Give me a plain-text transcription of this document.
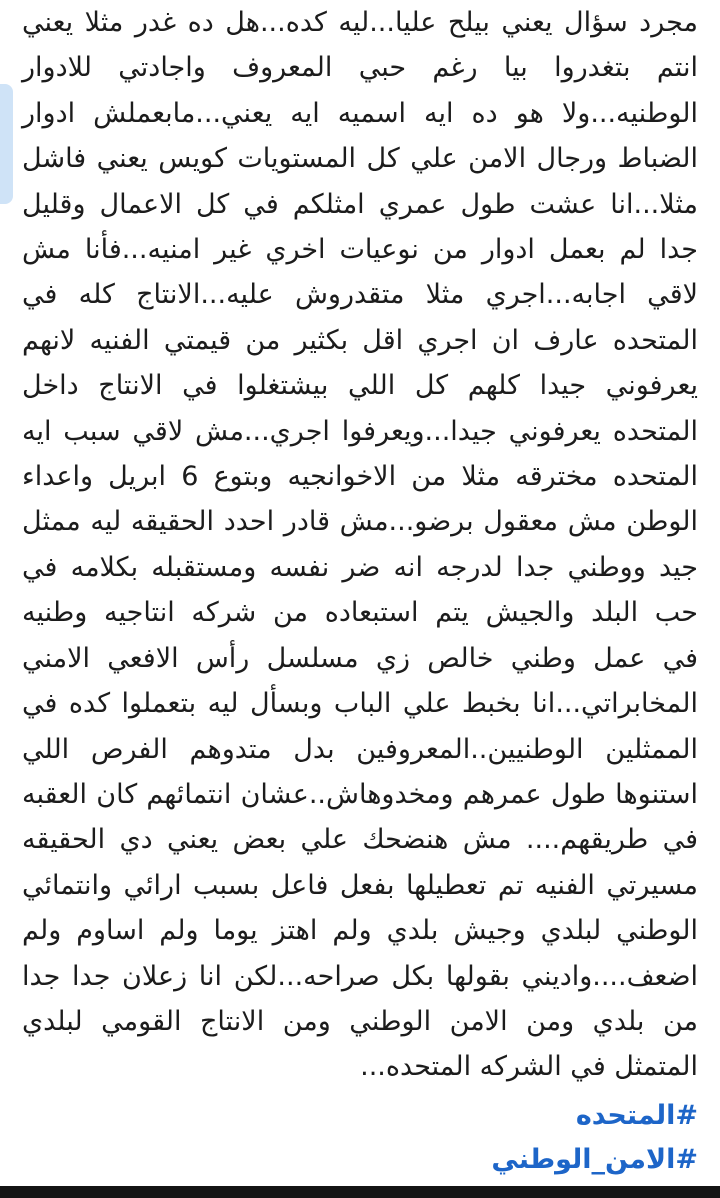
مجرد سؤال يعني بيلح عليا...ليه كده...هل ده غدر مثلا يعني
انتم بتغدروا بيا رغم حبي المعروف واجادتي للادوار
الوطنيه...ولا هو ده ايه اسميه ايه يعني...مابعملش ادوار
الضباط ورجال الامن علي كل المستويات كويس يعني فاشل
مثلا...انا عشت طول عمري امثلكم في كل الاعمال وقليل
جدا لم بعمل ادوار من نوعيات اخري غير امنيه...فأنا مش
لاقي اجابه...اجري مثلا متقدروش عليه...الانتاج كله في
المتحده عارف ان اجري اقل بكثير من قيمتي الفنيه لانهم
يعرفوني جيدا كلهم كل اللي بيشتغلوا في الانتاج داخل
المتحده يعرفوني جيدا...ويعرفوا اجري...مش لاقي سبب ايه
المتحده مخترقه مثلا من الاخوانجيه وبتوع 6 ابريل واعداء
الوطن مش معقول برضو...مش قادر احدد الحقيقه ليه ممثل
جيد ووطني جدا لدرجه انه ضر نفسه ومستقبله بكلامه في
حب البلد والجيش يتم استبعاده من شركه انتاجيه وطنيه
في عمل وطني خالص زي مسلسل رأس الافعي الامني
المخابراتي...انا بخبط علي الباب وبسأل ليه بتعملوا كده في
الممثلين الوطنيين..المعروفين بدل متدوهم الفرص اللي
استنوها طول عمرهم ومخدوهاش..عشان انتمائهم كان العقبه
في طريقهم.... مش هنضحك علي بعض يعني دي الحقيقه
مسيرتي الفنيه تم تعطيلها بفعل فاعل بسبب ارائي وانتمائي
الوطني لبلدي وجيش بلدي ولم اهتز يوما ولم اساوم ولم
اضعف....واديني بقولها بكل صراحه...لكن انا زعلان جدا جدا
من بلدي ومن الامن الوطني ومن الانتاج القومي لبلدي
المتمثل في الشركه المتحده...
#المتحده
#الامن_الوطني
